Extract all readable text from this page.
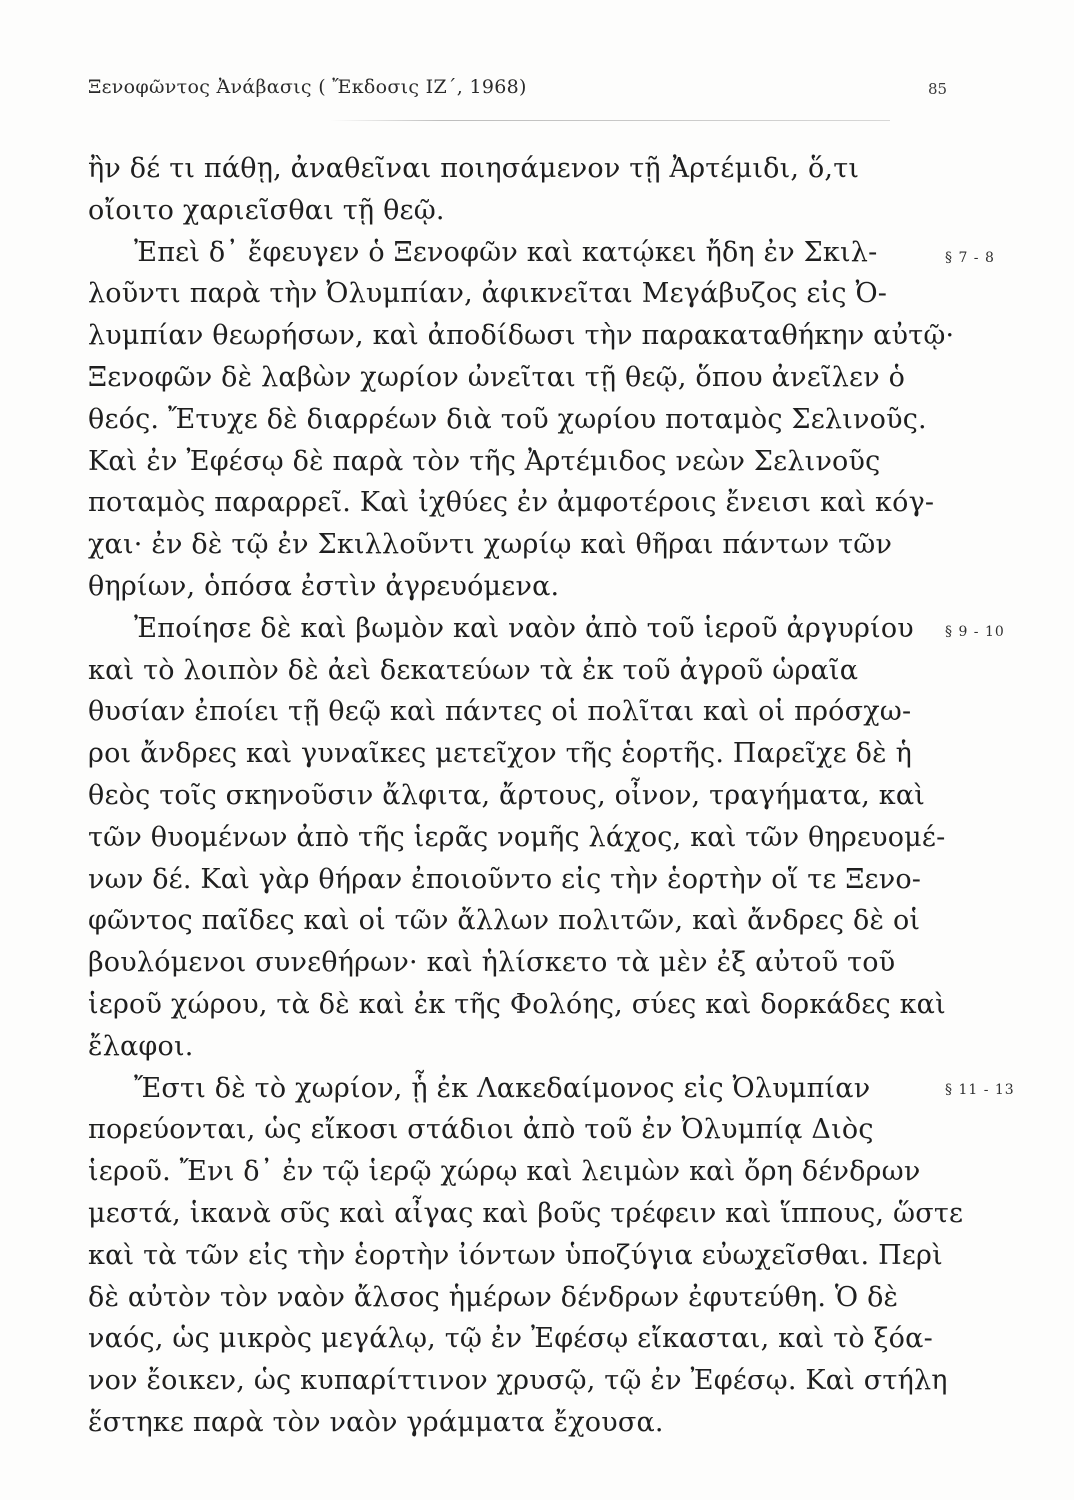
Ξενοφῶντος Ἀνάβασις ( Ἔκδοσις ΙΖ΄, 1968)	85
ἢν δέ τι πάθῃ, ἀναθεῖναι ποιησάμενον τῇ Ἀρτέμιδι, ὅ,τι
οἴοιτο χαριεῖσθαι τῇ θεῷ.
Ἐπεὶ δ᾽ ἔφευγεν ὁ Ξενοφῶν καὶ κατῴκει ἤδη ἐν Σκιλ-
λοῦντι παρὰ τὴν Ὀλυμπίαν, ἀφικνεῖται Μεγάβυζος εἰς Ὀ-
λυμπίαν θεωρήσων, καὶ ἀποδίδωσι τὴν παρακαταθήκην αὐτῷ·
Ξενοφῶν δὲ λαβὼν χωρίον ὠνεῖται τῇ θεῷ, ὅπου ἀνεῖλεν ὁ
θεός. Ἔτυχε δὲ διαρρέων διὰ τοῦ χωρίου ποταμὸς Σελινοῦς.
Καὶ ἐν Ἐφέσῳ δὲ παρὰ τὸν τῆς Ἀρτέμιδος νεὼν Σελινοῦς
ποταμὸς παραρρεῖ. Καὶ ἰχθύες ἐν ἀμφοτέροις ἔνεισι καὶ κόγ-
χαι· ἐν δὲ τῷ ἐν Σκιλλοῦντι χωρίῳ καὶ θῆραι πάντων τῶν
θηρίων, ὁπόσα ἐστὶν ἀγρευόμενα.
Ἐποίησε δὲ καὶ βωμὸν καὶ ναὸν ἀπὸ τοῦ ἱεροῦ ἀργυρίου
καὶ τὸ λοιπὸν δὲ ἀεὶ δεκατεύων τὰ ἐκ τοῦ ἀγροῦ ὡραῖα
θυσίαν ἐποίει τῇ θεῷ καὶ πάντες οἱ πολῖται καὶ οἱ πρόσχω-
ροι ἄνδρες καὶ γυναῖκες μετεῖχον τῆς ἑορτῆς. Παρεῖχε δὲ ἡ
θεὸς τοῖς σκηνοῦσιν ἄλφιτα, ἄρτους, οἶνον, τραγήματα, καὶ
τῶν θυομένων ἀπὸ τῆς ἱερᾶς νομῆς λάχος, καὶ τῶν θηρευομέ-
νων δέ. Καὶ γὰρ θήραν ἐποιοῦντο εἰς τὴν ἑορτὴν οἵ τε Ξενο-
φῶντος παῖδες καὶ οἱ τῶν ἄλλων πολιτῶν, καὶ ἄνδρες δὲ οἱ
βουλόμενοι συνεθήρων· καὶ ἡλίσκετο τὰ μὲν ἐξ αὐτοῦ τοῦ
ἱεροῦ χώρου, τὰ δὲ καὶ ἐκ τῆς Φολόης, σύες καὶ δορκάδες καὶ
ἔλαφοι.
Ἔστι δὲ τὸ χωρίον, ᾗ ἐκ Λακεδαίμονος εἰς Ὀλυμπίαν
πορεύονται, ὡς εἴκοσι στάδιοι ἀπὸ τοῦ ἐν Ὀλυμπίᾳ Διὸς
ἱεροῦ. Ἔνι δ᾽ ἐν τῷ ἱερῷ χώρῳ καὶ λειμὼν καὶ ὄρη δένδρων
μεστά, ἱκανὰ σῦς καὶ αἶγας καὶ βοῦς τρέφειν καὶ ἵππους, ὥστε
καὶ τὰ τῶν εἰς τὴν ἑορτὴν ἰόντων ὑποζύγια εὐωχεῖσθαι. Περὶ
δὲ αὐτὸν τὸν ναὸν ἄλσος ἡμέρων δένδρων ἐφυτεύθη. Ὁ δὲ
ναός, ὡς μικρὸς μεγάλῳ, τῷ ἐν Ἐφέσῳ εἴκασται, καὶ τὸ ξόα-
νον ἔοικεν, ὡς κυπαρίττινον χρυσῷ, τῷ ἐν Ἐφέσῳ. Καὶ στήλη
ἕστηκε παρὰ τὸν ναὸν γράμματα ἔχουσα.
§ 7 - 8
§ 9 - 10
§ 11 - 13
